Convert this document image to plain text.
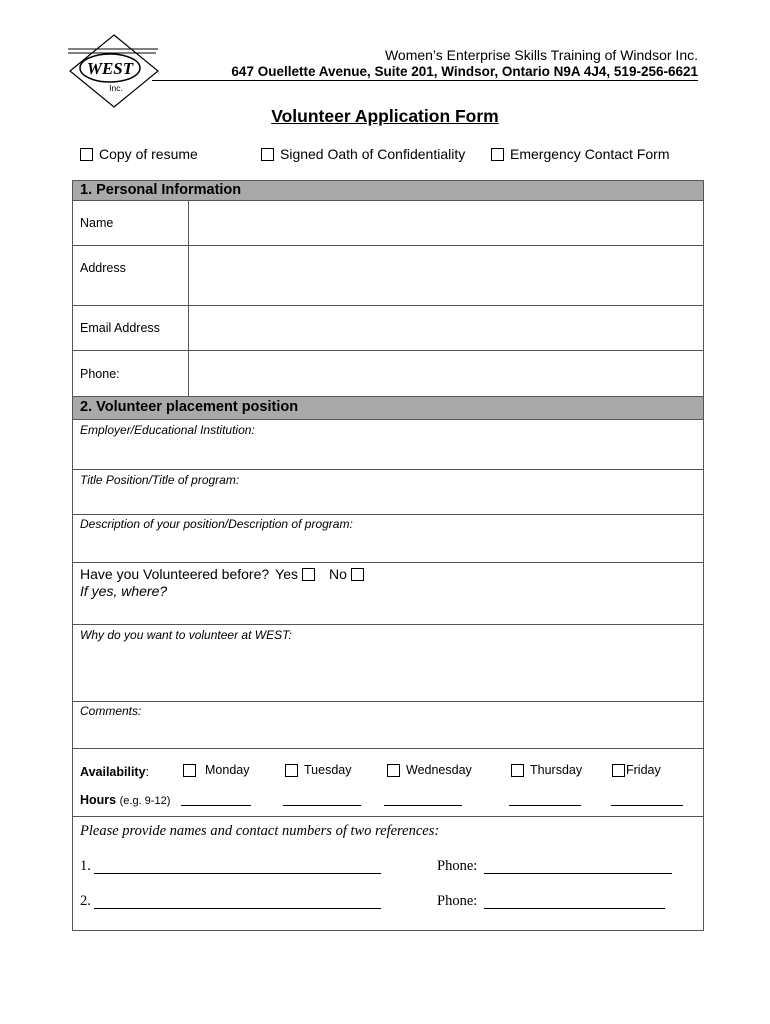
WEST
Inc.
Women’s Enterprise Skills Training of Windsor Inc.
647 Ouellette Avenue, Suite 201, Windsor, Ontario N9A 4J4, 519-256-6621
Volunteer Application Form
Copy of resume	Signed Oath of Confidentiality	Emergency Contact Form
1. Personal Information
Name
Address
Email Address
Phone:
2. Volunteer placement position
Employer/Educational Institution:
Title Position/Title of program:
Description of your position/Description of program:
Have you Volunteered before? Yes No
If yes, where?
Why do you want to volunteer at WEST:
Comments:
Availability:	Monday	Tuesday	Wednesday	Thursday	Friday
Hours (e.g. 9-12)
Please provide names and contact numbers of two references:
1.	Phone:
2.	Phone:
